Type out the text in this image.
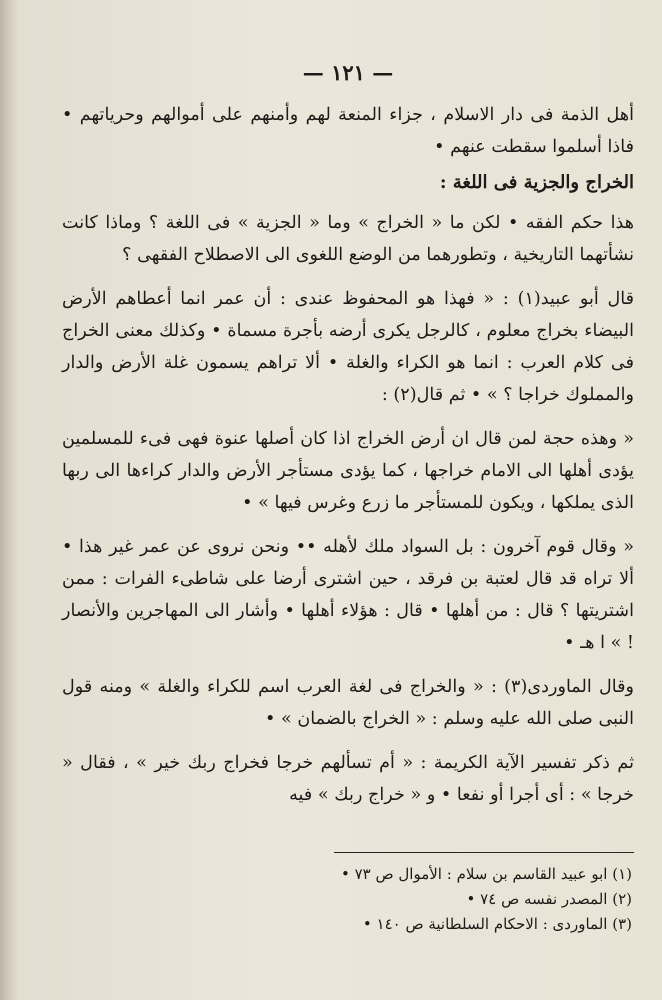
— ١٢١ —

أهل الذمة فى دار الاسلام ، جزاء المنعة لهم وأمنهم على أموالهم وحرياتهم • فاذا أسلموا سقطت عنهم •

الخراج والجزية فى اللغة :

هذا حكم الفقه • لكن ما « الخراج » وما « الجزية » فى اللغة ؟ وماذا كانت نشأتهما التاريخية ، وتطورهما من الوضع اللغوى الى الاصطلاح الفقهى ؟

قال أبو عبيد(١) : « فهذا هو المحفوظ عندى : أن عمر انما أعطاهم الأرض البيضاء بخراج معلوم ، كالرجل يكرى أرضه بأجرة مسماة • وكذلك معنى الخراج فى كلام العرب : انما هو الكراء والغلة • ألا تراهم يسمون غلة الأرض والدار والمملوك خراجا ؟ » • ثم قال(٢) :

« وهذه حجة لمن قال ان أرض الخراج اذا كان أصلها عنوة فهى فىء للمسلمين يؤدى أهلها الى الامام خراجها ، كما يؤدى مستأجر الأرض والدار كراءها الى ربها الذى يملكها ، ويكون للمستأجر ما زرع وغرس فيها » •

« وقال قوم آخرون : بل السواد ملك لأهله •• ونحن نروى عن عمر غير هذا • ألا تراه قد قال لعتبة بن فرقد ، حين اشترى أرضا على شاطىء الفرات : ممن اشتريتها ؟ قال : من أهلها • قال : هؤلاء أهلها • وأشار الى المهاجرين والأنصار ! » ا هـ •

وقال الماوردى(٣) : « والخراج فى لغة العرب اسم للكراء والغلة » ومنه قول النبى صلى الله عليه وسلم : « الخراج بالضمان » •

ثم ذكر تفسير الآية الكريمة : « أم تسألهم خرجا فخراج ربك خير » ، فقال « خرجا » : أى أجرا أو نفعا • و « خراج ربك » فيه

(١) ابو عبيد القاسم بن سلام : الأموال ص ٧٣ •

(٢) المصدر نفسه ص ٧٤ •

(٣) الماوردى : الاحكام السلطانية ص ١٤٠ •
